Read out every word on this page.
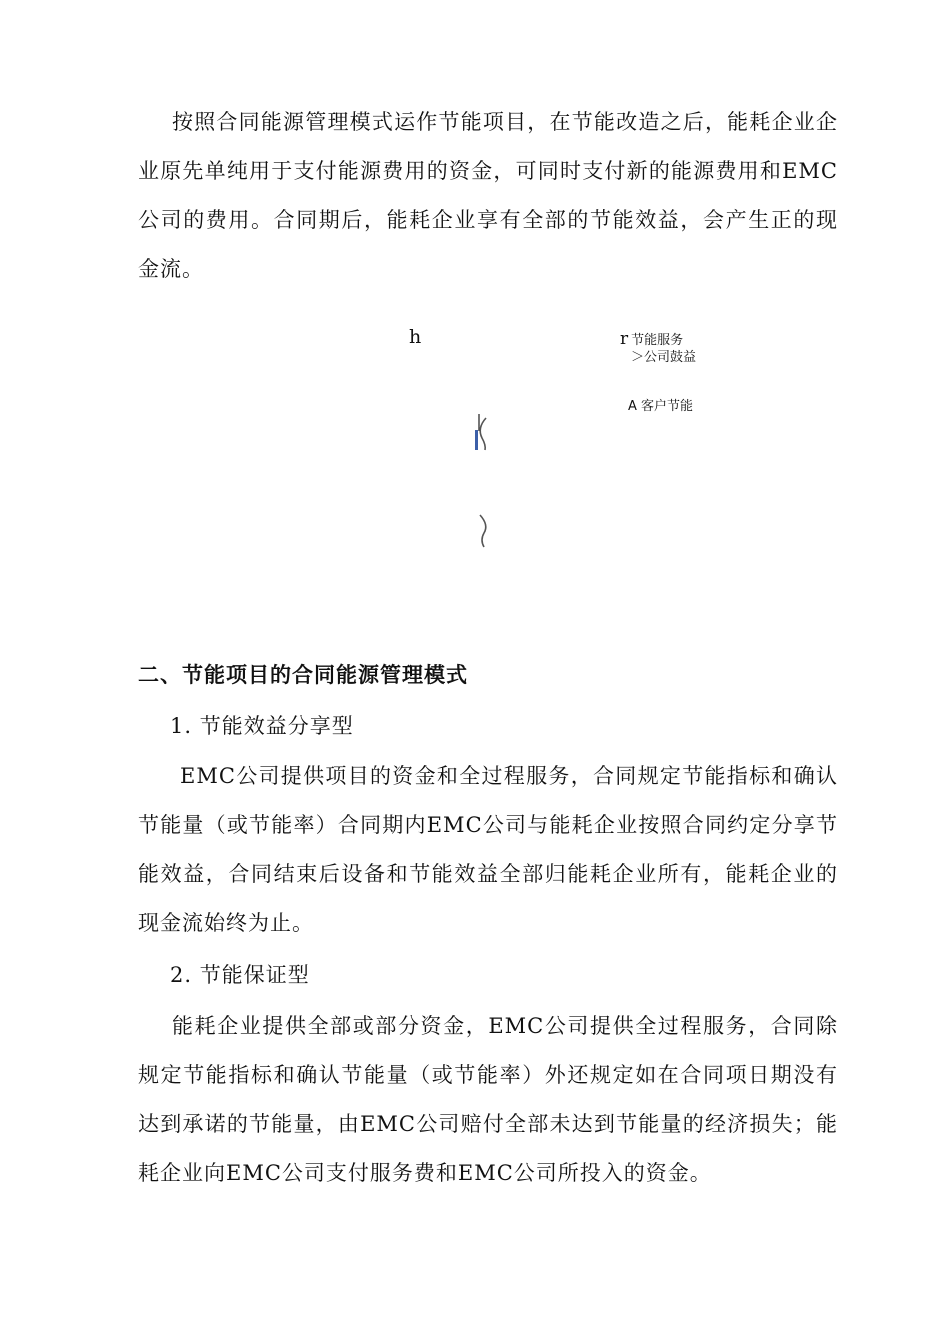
按照合同能源管理模式运作节能项目，在节能改造之后，能耗企业企业原先单纯用于支付能源费用的资金，可同时支付新的能源费用和EMC公司的费用。合同期后，能耗企业享有全部的节能效益，会产生正的现金流。

h	r 节能服务
＞公司鼓益
A 客户节能
二、节能项目的合同能源管理模式
1. 节能效益分享型

EMC公司提供项目的资金和全过程服务，合同规定节能指标和确认节能量（或节能率）合同期内EMC公司与能耗企业按照合同约定分享节能效益，合同结束后设备和节能效益全部归能耗企业所有，能耗企业的现金流始终为止。

2. 节能保证型

能耗企业提供全部或部分资金，EMC公司提供全过程服务，合同除规定节能指标和确认节能量（或节能率）外还规定如在合同项日期没有达到承诺的节能量，由EMC公司赔付全部未达到节能量的经济损失；能耗企业向EMC公司支付服务费和EMC公司所投入的资金。
